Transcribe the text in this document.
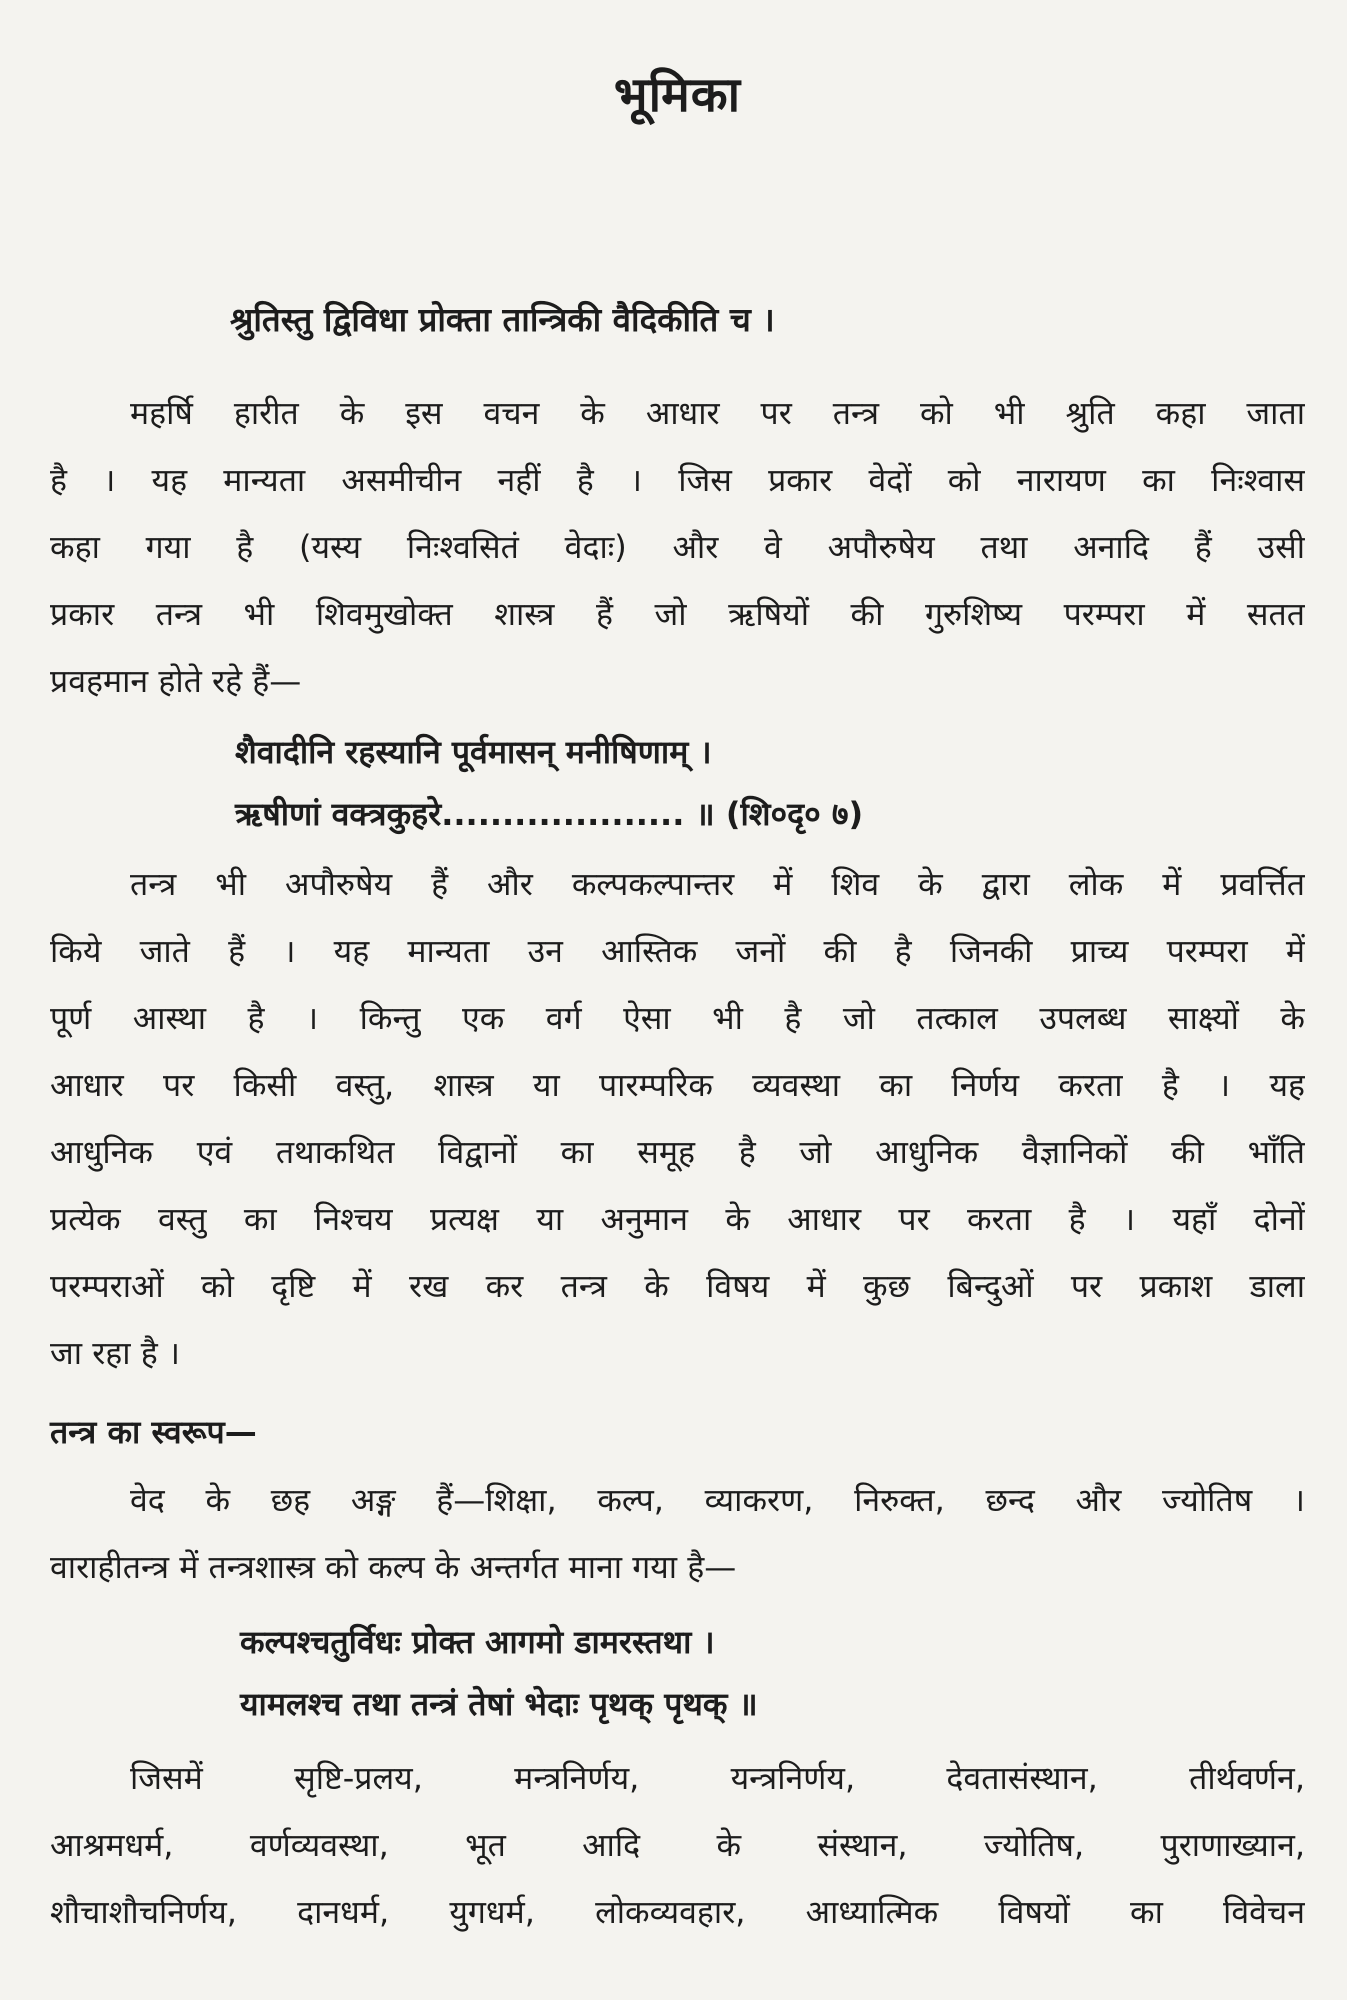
भूमिका
श्रुतिस्तु द्विविधा प्रोक्ता तान्त्रिकी वैदिकीति च ।
महर्षि हारीत के इस वचन के आधार पर तन्त्र को भी श्रुति कहा जाता
है । यह मान्यता असमीचीन नहीं है । जिस प्रकार वेदों को नारायण का निःश्वास
कहा गया है (यस्य निःश्वसितं वेदाः) और वे अपौरुषेय तथा अनादि हैं उसी
प्रकार तन्त्र भी शिवमुखोक्त शास्त्र हैं जो ऋषियों की गुरुशिष्य परम्परा में सतत
प्रवहमान होते रहे हैं—
शैवादीनि रहस्यानि पूर्वमासन् मनीषिणाम् ।
ऋषीणां वक्त्रकुहरे.................... ॥ (शि०दृ० ७)
तन्त्र भी अपौरुषेय हैं और कल्पकल्पान्तर में शिव के द्वारा लोक में प्रवर्त्तित
किये जाते हैं । यह मान्यता उन आस्तिक जनों की है जिनकी प्राच्य परम्परा में
पूर्ण आस्था है । किन्तु एक वर्ग ऐसा भी है जो तत्काल उपलब्ध साक्ष्यों के
आधार पर किसी वस्तु, शास्त्र या पारम्परिक व्यवस्था का निर्णय करता है । यह
आधुनिक एवं तथाकथित विद्वानों का समूह है जो आधुनिक वैज्ञानिकों की भाँति
प्रत्येक वस्तु का निश्चय प्रत्यक्ष या अनुमान के आधार पर करता है । यहाँ दोनों
परम्पराओं को दृष्टि में रख कर तन्त्र के विषय में कुछ बिन्दुओं पर प्रकाश डाला
जा रहा है ।
तन्त्र का स्वरूप—
वेद के छह अङ्ग हैं—शिक्षा, कल्प, व्याकरण, निरुक्त, छन्द और ज्योतिष ।
वाराहीतन्त्र में तन्त्रशास्त्र को कल्प के अन्तर्गत माना गया है—
कल्पश्चतुर्विधः प्रोक्त आगमो डामरस्तथा ।
यामलश्च तथा तन्त्रं तेषां भेदाः पृथक् पृथक् ॥
जिसमें सृष्टि-प्रलय, मन्त्रनिर्णय, यन्त्रनिर्णय, देवतासंस्थान, तीर्थवर्णन,
आश्रमधर्म, वर्णव्यवस्था, भूत आदि के संस्थान, ज्योतिष, पुराणाख्यान,
शौचाशौचनिर्णय, दानधर्म, युगधर्म, लोकव्यवहार, आध्यात्मिक विषयों का विवेचन
